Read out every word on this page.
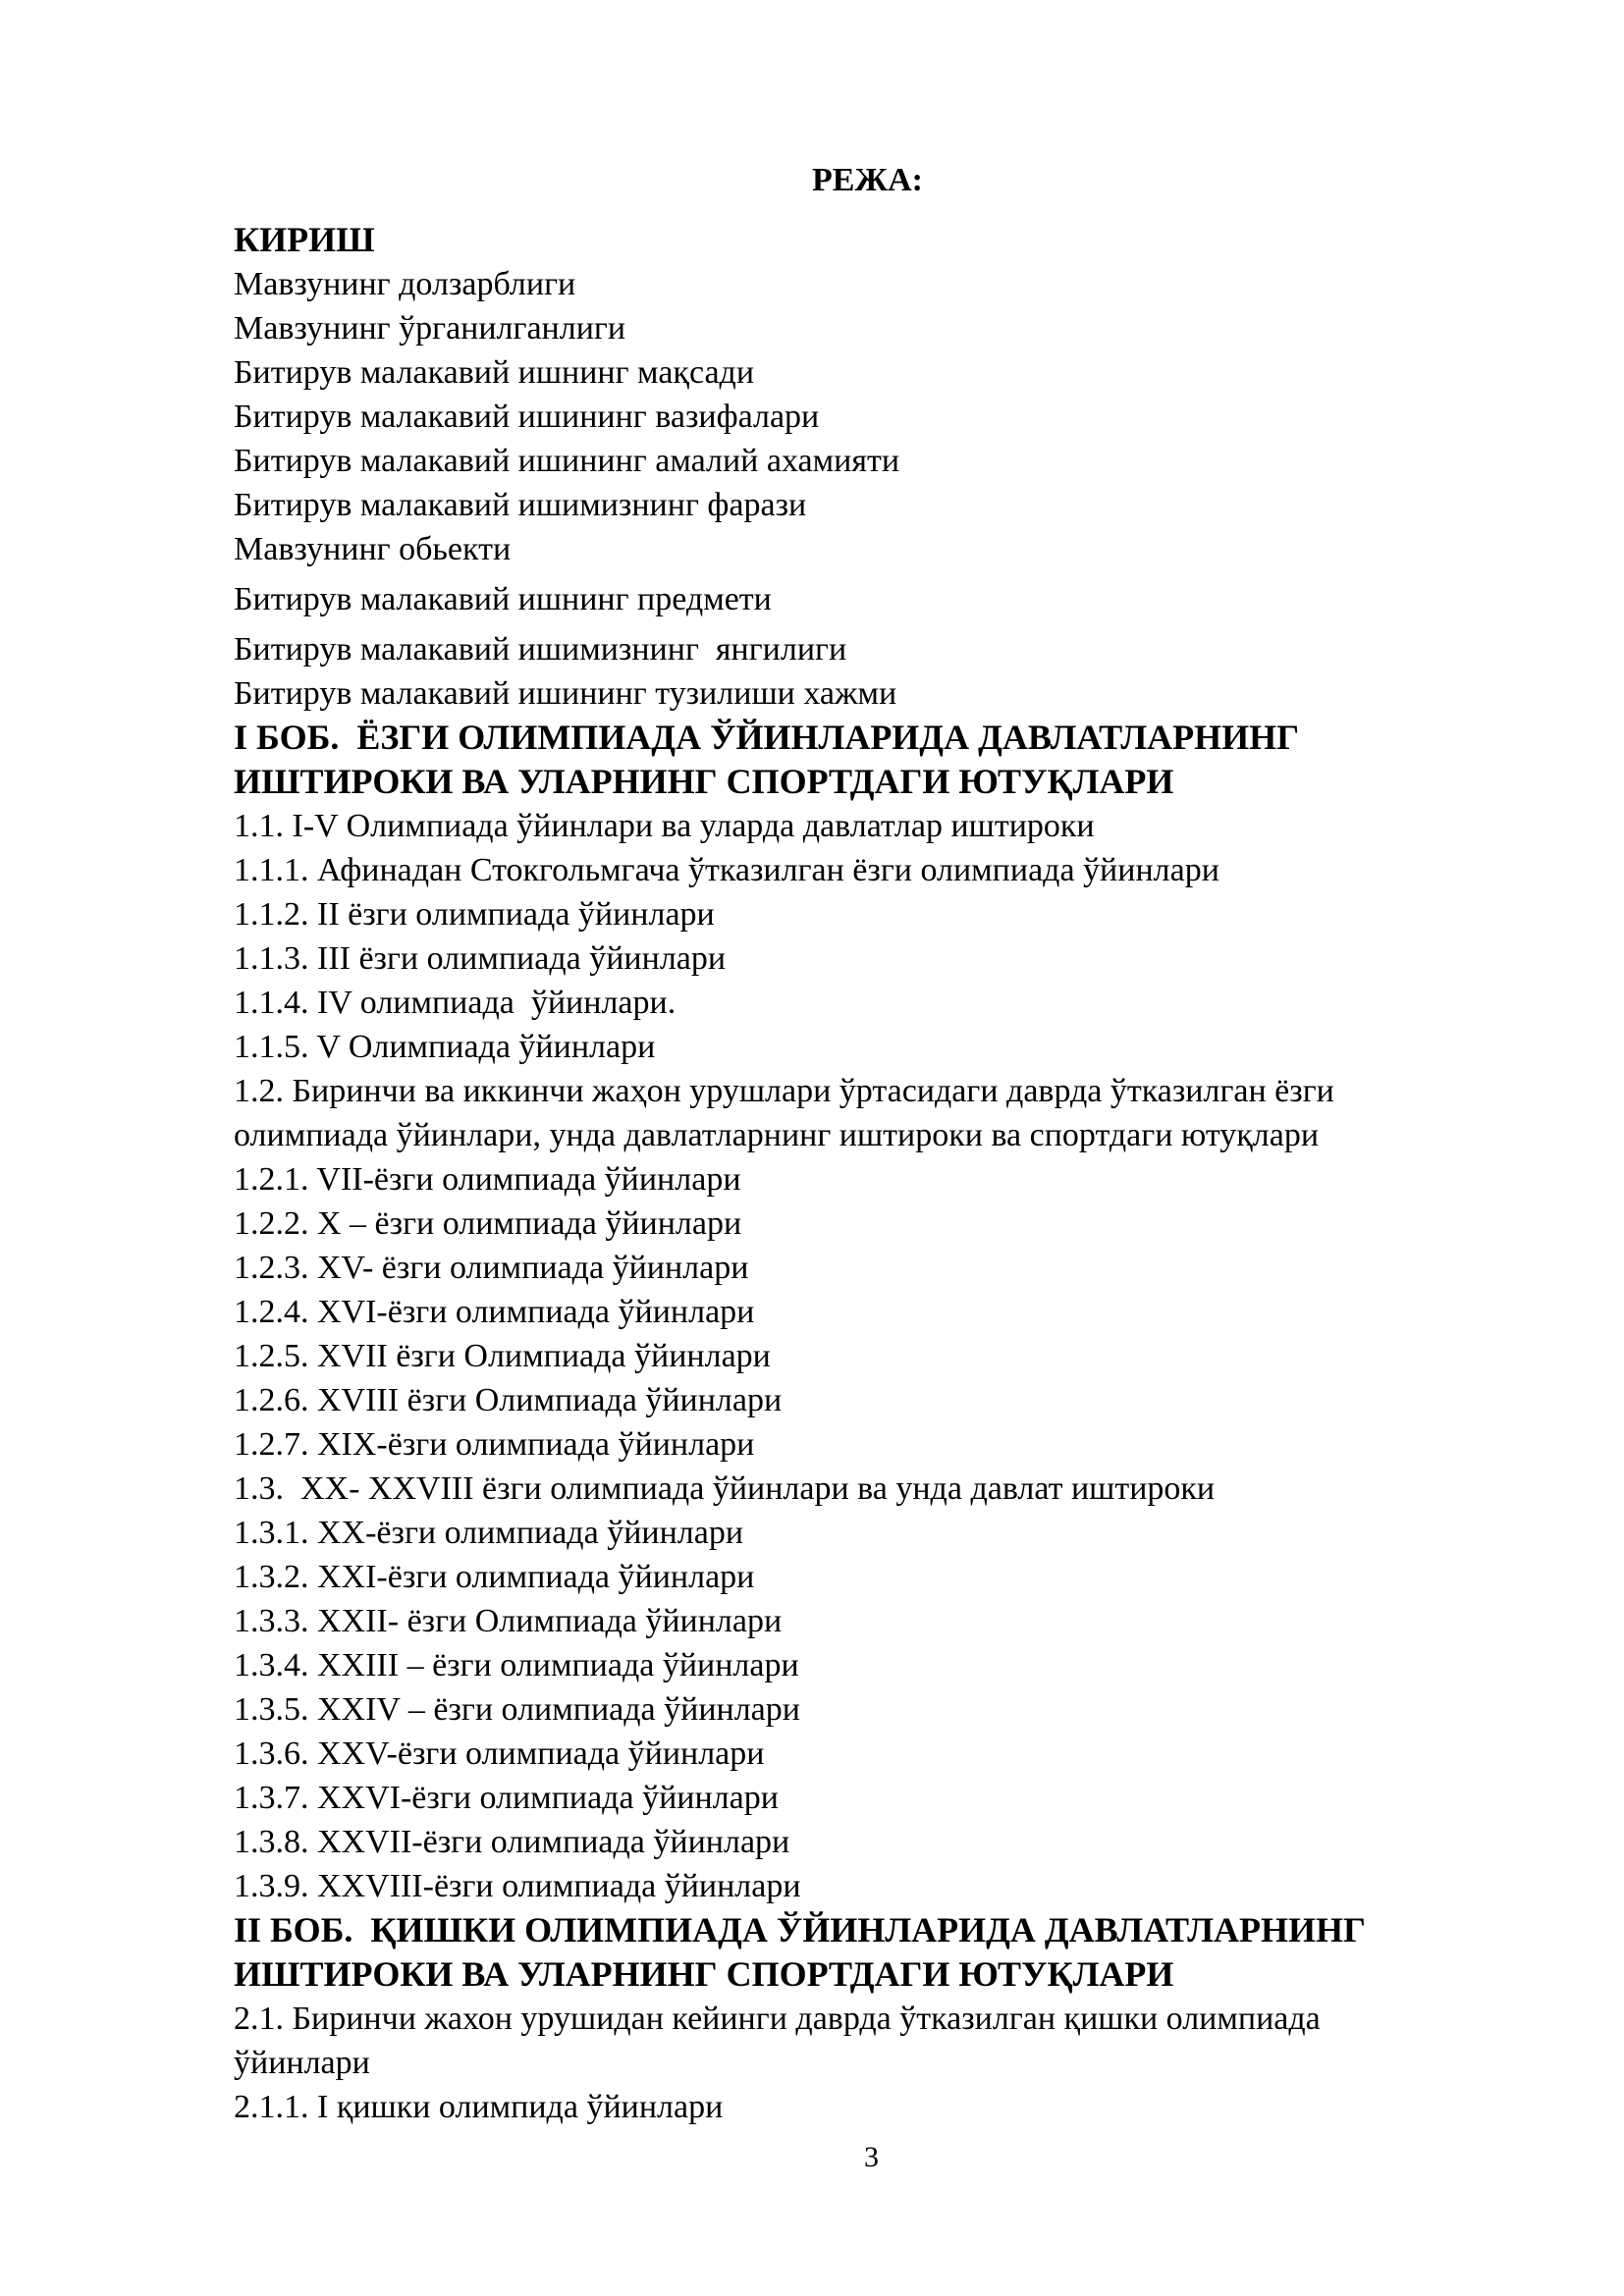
РЕЖА:
КИРИШ
Мавзунинг долзарблиги
Мавзунинг ўрганилганлиги
Битирув малакавий ишнинг мақсади
Битирув малакавий ишининг вазифалари
Битирув малакавий ишининг амалий ахамияти
Битирув малакавий ишимизнинг фарази
Мавзунинг обьекти
Битирув малакавий ишнинг предмети
Битирув малакавий ишимизнинг  янгилиги
Битирув малакавий ишининг тузилиши хажми
I БОБ.  ЁЗГИ ОЛИМПИАДА ЎЙИНЛАРИДА ДАВЛАТЛАРНИНГ
ИШТИРОКИ ВА УЛАРНИНГ СПОРТДАГИ ЮТУҚЛАРИ
1.1. I-V Олимпиада ўйинлари ва уларда давлатлар иштироки
1.1.1. Афинадан Стокгольмгача ўтказилган ёзги олимпиада ўйинлари
1.1.2. II ёзги олимпиада ўйинлари
1.1.3. III ёзги олимпиада ўйинлари
1.1.4. IV олимпиада  ўйинлари.
1.1.5. V Олимпиада ўйинлари
1.2. Биринчи ва иккинчи жаҳон урушлари ўртасидаги даврда ўтказилган ёзги
олимпиада ўйинлари, унда давлатларнинг иштироки ва спортдаги ютуқлари
1.2.1. VII-ёзги олимпиада ўйинлари
1.2.2. X – ёзги олимпиада ўйинлари
1.2.3. XV- ёзги олимпиада ўйинлари
1.2.4. XVI-ёзги олимпиада ўйинлари
1.2.5. XVII ёзги Олимпиада ўйинлари
1.2.6. XVIII ёзги Олимпиада ўйинлари
1.2.7. XIX-ёзги олимпиада ўйинлари
1.3.  XX- XXVIII ёзги олимпиада ўйинлари ва унда давлат иштироки
1.3.1. XX-ёзги олимпиада ўйинлари
1.3.2. XXI-ёзги олимпиада ўйинлари
1.3.3. XXII- ёзги Олимпиада ўйинлари
1.3.4. XXIII – ёзги олимпиада ўйинлари
1.3.5. XXIV – ёзги олимпиада ўйинлари
1.3.6. XXV-ёзги олимпиада ўйинлари
1.3.7. XXVI-ёзги олимпиада ўйинлари
1.3.8. XXVII-ёзги олимпиада ўйинлари
1.3.9. XXVIII-ёзги олимпиада ўйинлари
II БОБ.  ҚИШКИ ОЛИМПИАДА ЎЙИНЛАРИДА ДАВЛАТЛАРНИНГ
ИШТИРОКИ ВА УЛАРНИНГ СПОРТДАГИ ЮТУҚЛАРИ
2.1. Биринчи жахон урушидан кейинги даврда ўтказилган қишки олимпиада
ўйинлари
2.1.1. I қишки олимпида ўйинлари
3
